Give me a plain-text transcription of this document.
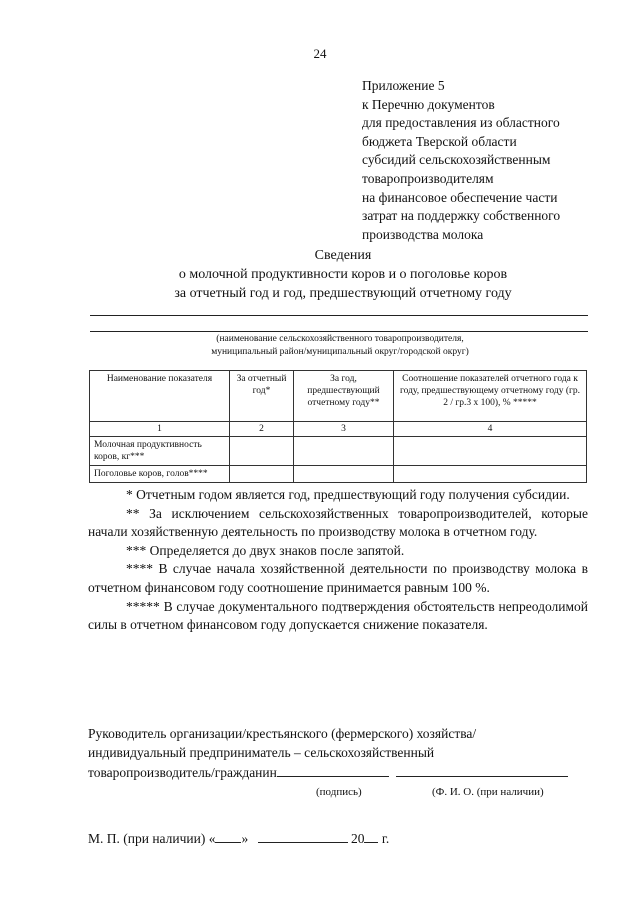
24
Приложение 5
к Перечню документов
для предоставления из областного
бюджета Тверской области
субсидий сельскохозяйственным
товаропроизводителям
на финансовое обеспечение части
затрат на поддержку собственного
производства молока
Сведения
о молочной продуктивности коров и о поголовье коров
за отчетный год и год, предшествующий отчетному году
(наименование сельскохозяйственного товаропроизводителя,
муниципальный район/муниципальный округ/городской округ)
Наименование показателя	За отчетный год*	За год, предшествующий отчетному году**	Соотношение показателей отчетного года к году, предшествующему отчетному году (гр. 2 / гр.3 х 100), % *****
1	2	3	4
Молочная продуктивность коров, кг***			
Поголовье коров, голов****			

* Отчетным годом является год, предшествующий году получения субсидии.

** За исключением сельскохозяйственных товаропроизводителей, которые начали хозяйственную деятельность по производству молока в отчетном году.

*** Определяется до двух знаков после запятой.

**** В случае начала хозяйственной деятельности по производству молока в отчетном финансовом году соотношение принимается равным 100 %.

***** В случае документального подтверждения обстоятельств непреодолимой силы в отчетном финансовом году допускается снижение показателя.

Руководитель организации/крестьянского (фермерского) хозяйства/
индивидуальный предприниматель – сельскохозяйственный
товаропроизводитель/гражданин
(подпись)	(Ф. И. О. (при наличии)
М. П. (при наличии) « »	20 г.
